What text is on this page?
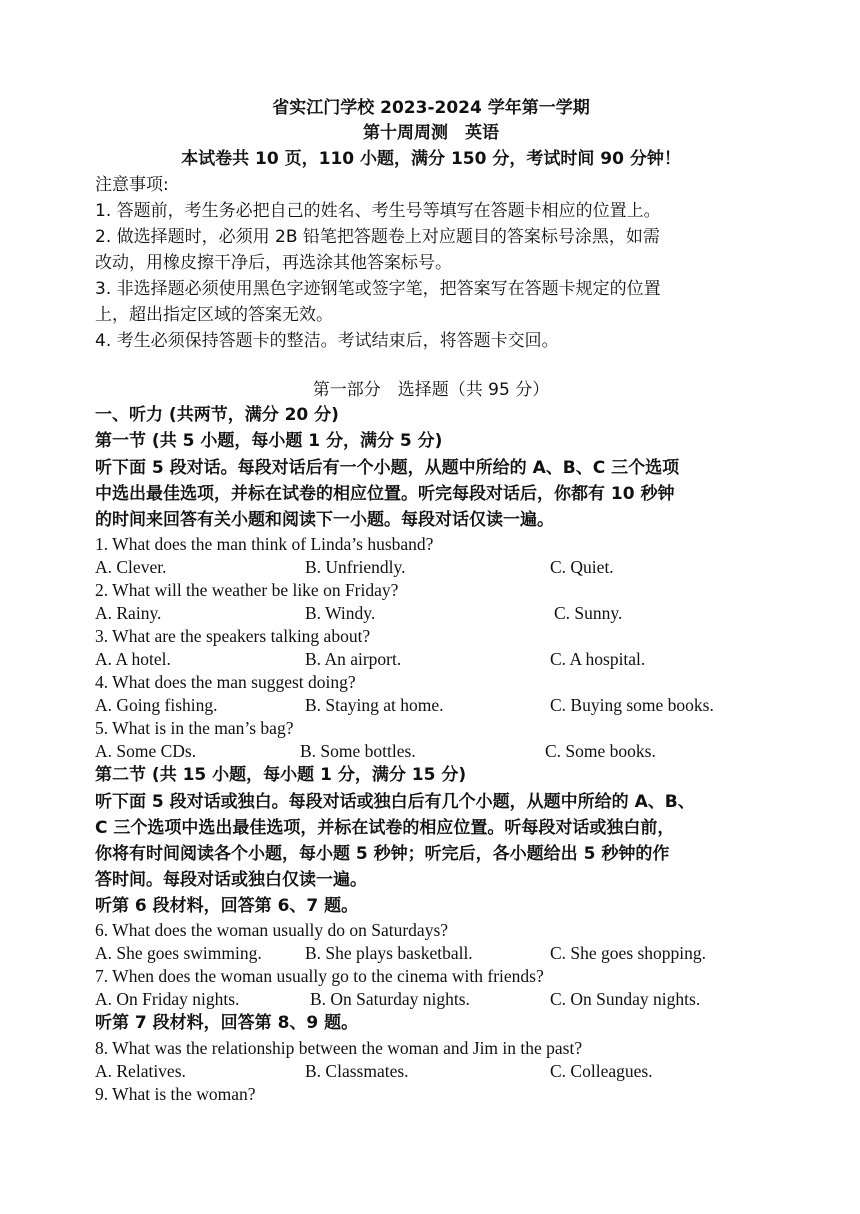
省实江门学校 2023-2024 学年第一学期
第十周周测　英语
本试卷共 10 页，110 小题，满分 150 分，考试时间 90 分钟！
注意事项:
1. 答题前，考生务必把自己的姓名、考生号等填写在答题卡相应的位置上。
2. 做选择题时，必须用 2B 铅笔把答题卷上对应题目的答案标号涂黑，如需
改动，用橡皮擦干净后，再选涂其他答案标号。
3. 非选择题必须使用黑色字迹钢笔或签字笔，把答案写在答题卡规定的位置
上，超出指定区域的答案无效。
4. 考生必须保持答题卡的整洁。考试结束后，将答题卡交回。
第一部分　选择题（共 95 分）
一、听力 (共两节，满分 20 分)
第一节 (共 5 小题，每小题 1 分，满分 5 分)
听下面 5 段对话。每段对话后有一个小题，从题中所给的 A、B、C 三个选项
中选出最佳选项，并标在试卷的相应位置。听完每段对话后，你都有 10 秒钟
的时间来回答有关小题和阅读下一小题。每段对话仅读一遍。
1. What does the man think of Linda’s husband?
A. Clever.	B. Unfriendly.	C. Quiet.
2. What will the weather be like on Friday?
A. Rainy.	B. Windy.	C. Sunny.
3. What are the speakers talking about?
A. A hotel.	B. An airport.	C. A hospital.
4. What does the man suggest doing?
A. Going fishing.	B. Staying at home.	C. Buying some books.
5. What is in the man’s bag?
A. Some CDs.	B. Some bottles.	C. Some books.
第二节 (共 15 小题，每小题 1 分，满分 15 分)
听下面 5 段对话或独白。每段对话或独白后有几个小题，从题中所给的 A、B、
C 三个选项中选出最佳选项，并标在试卷的相应位置。听每段对话或独白前，
你将有时间阅读各个小题，每小题 5 秒钟；听完后，各小题给出 5 秒钟的作
答时间。每段对话或独白仅读一遍。
听第 6 段材料，回答第 6、7 题。
6. What does the woman usually do on Saturdays?
A. She goes swimming. B. She plays basketball.	C. She goes shopping.
7. When does the woman usually go to the cinema with friends?
A. On Friday nights.	B. On Saturday nights.	C. On Sunday nights.
听第 7 段材料，回答第 8、9 题。
8. What was the relationship between the woman and Jim in the past?
A. Relatives.	B. Classmates.	C. Colleagues.
9. What is the woman?
